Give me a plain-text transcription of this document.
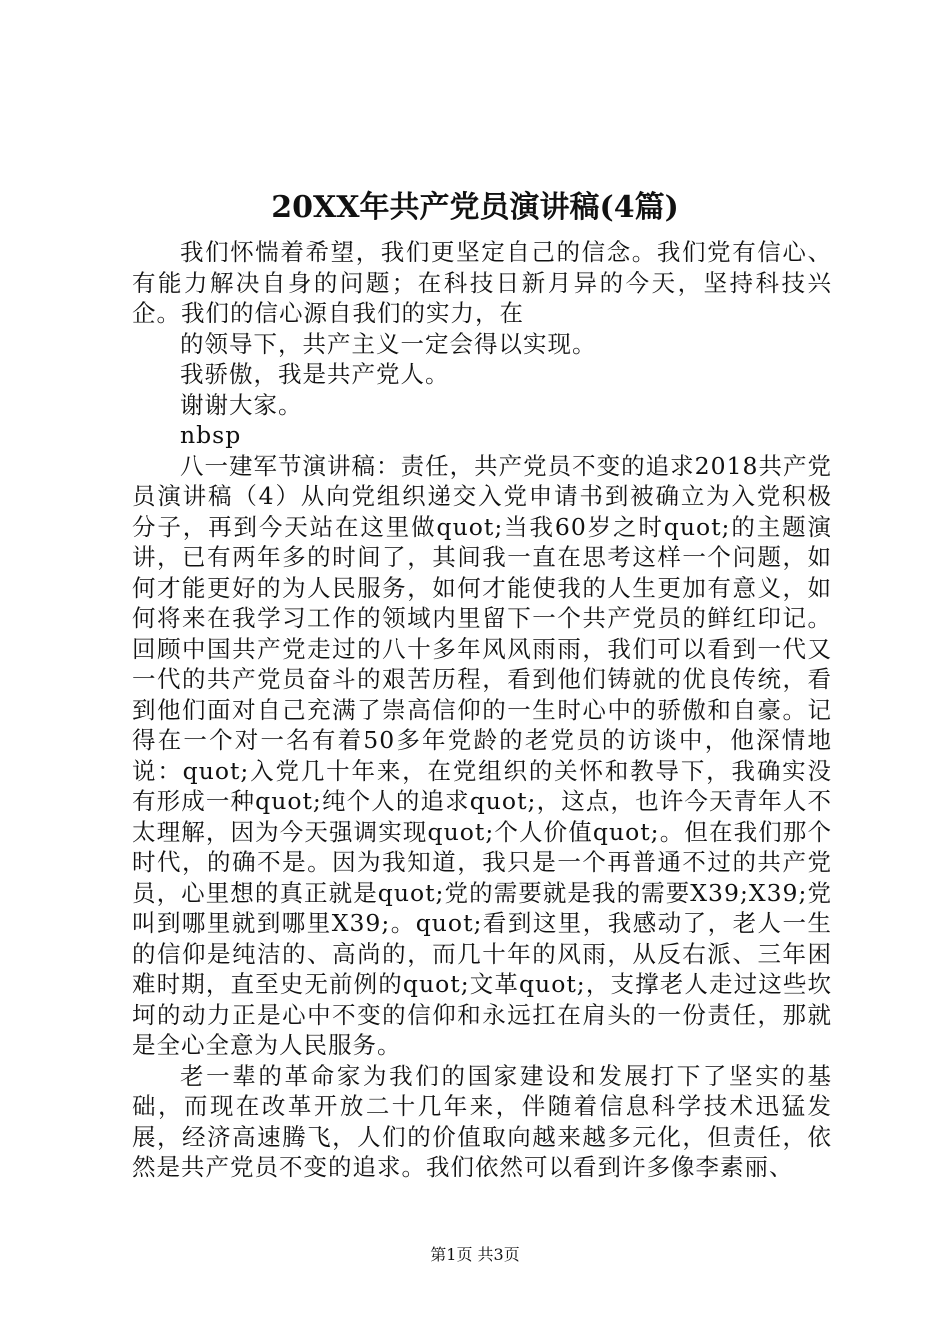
20XX年共产党员演讲稿(4篇)

我们怀惴着希望，我们更坚定自己的信念。我们党有信心、有能力解决自身的问题；在科技日新月异的今天，坚持科技兴企。我们的信心源自我们的实力，在

的领导下，共产主义一定会得以实现。

我骄傲，我是共产党人。

谢谢大家。

nbsp

八一建军节演讲稿：责任，共产党员不变的追求2018共产党员演讲稿（4）从向党组织递交入党申请书到被确立为入党积极分子，再到今天站在这里做quot;当我60岁之时quot;的主题演讲，已有两年多的时间了，其间我一直在思考这样一个问题，如何才能更好的为人民服务，如何才能使我的人生更加有意义，如何将来在我学习工作的领域内里留下一个共产党员的鲜红印记。回顾中国共产党走过的八十多年风风雨雨，我们可以看到一代又一代的共产党员奋斗的艰苦历程，看到他们铸就的优良传统，看到他们面对自己充满了崇高信仰的一生时心中的骄傲和自豪。记得在一个对一名有着50多年党龄的老党员的访谈中，他深情地说：quot;入党几十年来，在党组织的关怀和教导下，我确实没有形成一种quot;纯个人的追求quot;，这点，也许今天青年人不太理解，因为今天强调实现quot;个人价值quot;。但在我们那个时代，的确不是。因为我知道，我只是一个再普通不过的共产党员，心里想的真正就是quot;党的需要就是我的需要X39;X39;党叫到哪里就到哪里X39;。quot;看到这里，我感动了，老人一生的信仰是纯洁的、高尚的，而几十年的风雨，从反右派、三年困难时期，直至史无前例的quot;文革quot;，支撑老人走过这些坎坷的动力正是心中不变的信仰和永远扛在肩头的一份责任，那就是全心全意为人民服务。

老一辈的革命家为我们的国家建设和发展打下了坚实的基础，而现在改革开放二十几年来，伴随着信息科学技术迅猛发展，经济高速腾飞，人们的价值取向越来越多元化，但责任，依然是共产党员不变的追求。我们依然可以看到许多像李素丽、

第1页 共3页
